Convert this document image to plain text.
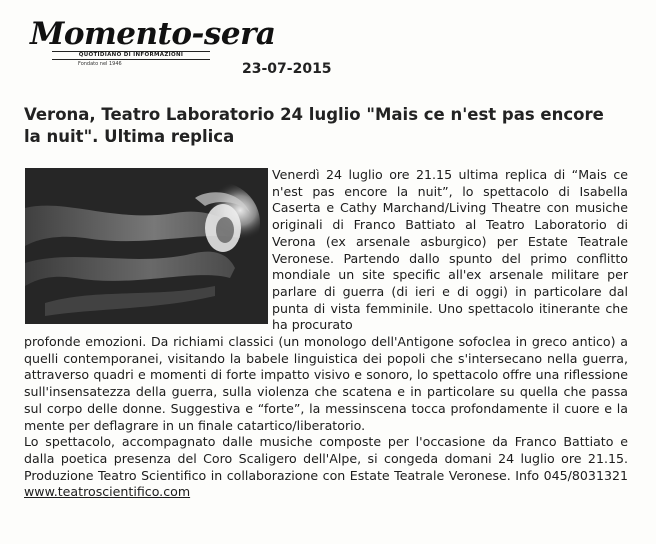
Momento-sera
QUOTIDIANO DI INFORMAZIONI
Fondato nel 1946	23-07-2015
Verona, Teatro Laboratorio 24 luglio "Mais ce n'est pas encore la nuit". Ultima replica
Venerdì 24 luglio ore 21.15 ultima replica di “Mais ce n'est pas encore la nuit”, lo spettacolo di Isabella Caserta e Cathy Marchand/Living Theatre con musiche originali di Franco Battiato al Teatro Laboratorio di Verona (ex arsenale asburgico) per Estate Teatrale Veronese. Partendo dallo spunto del primo conflitto mondiale un site specific all'ex arsenale militare per parlare di guerra (di ieri e di oggi) in particolare dal punta di vista femminile. Uno spettacolo itinerante che ha procurato
profonde emozioni. Da richiami classici (un monologo dell'Antigone sofoclea in greco antico) a quelli contemporanei, visitando la babele linguistica dei popoli che s'intersecano nella guerra, attraverso quadri e momenti di forte impatto visivo e sonoro, lo spettacolo offre una riflessione sull'insensatezza della guerra, sulla violenza che scatena e in particolare su quella che passa sul corpo delle donne. Suggestiva e “forte”, la messinscena tocca profondamente il cuore e la mente per deflagrare in un finale catartico/liberatorio.
Lo spettacolo, accompagnato dalle musiche composte per l'occasione da Franco Battiato e dalla poetica presenza del Coro Scaligero dell'Alpe, si congeda domani 24 luglio ore 21.15. Produzione Teatro Scientifico in collaborazione con Estate Teatrale Veronese. Info 045/8031321 www.teatroscientifico.com
